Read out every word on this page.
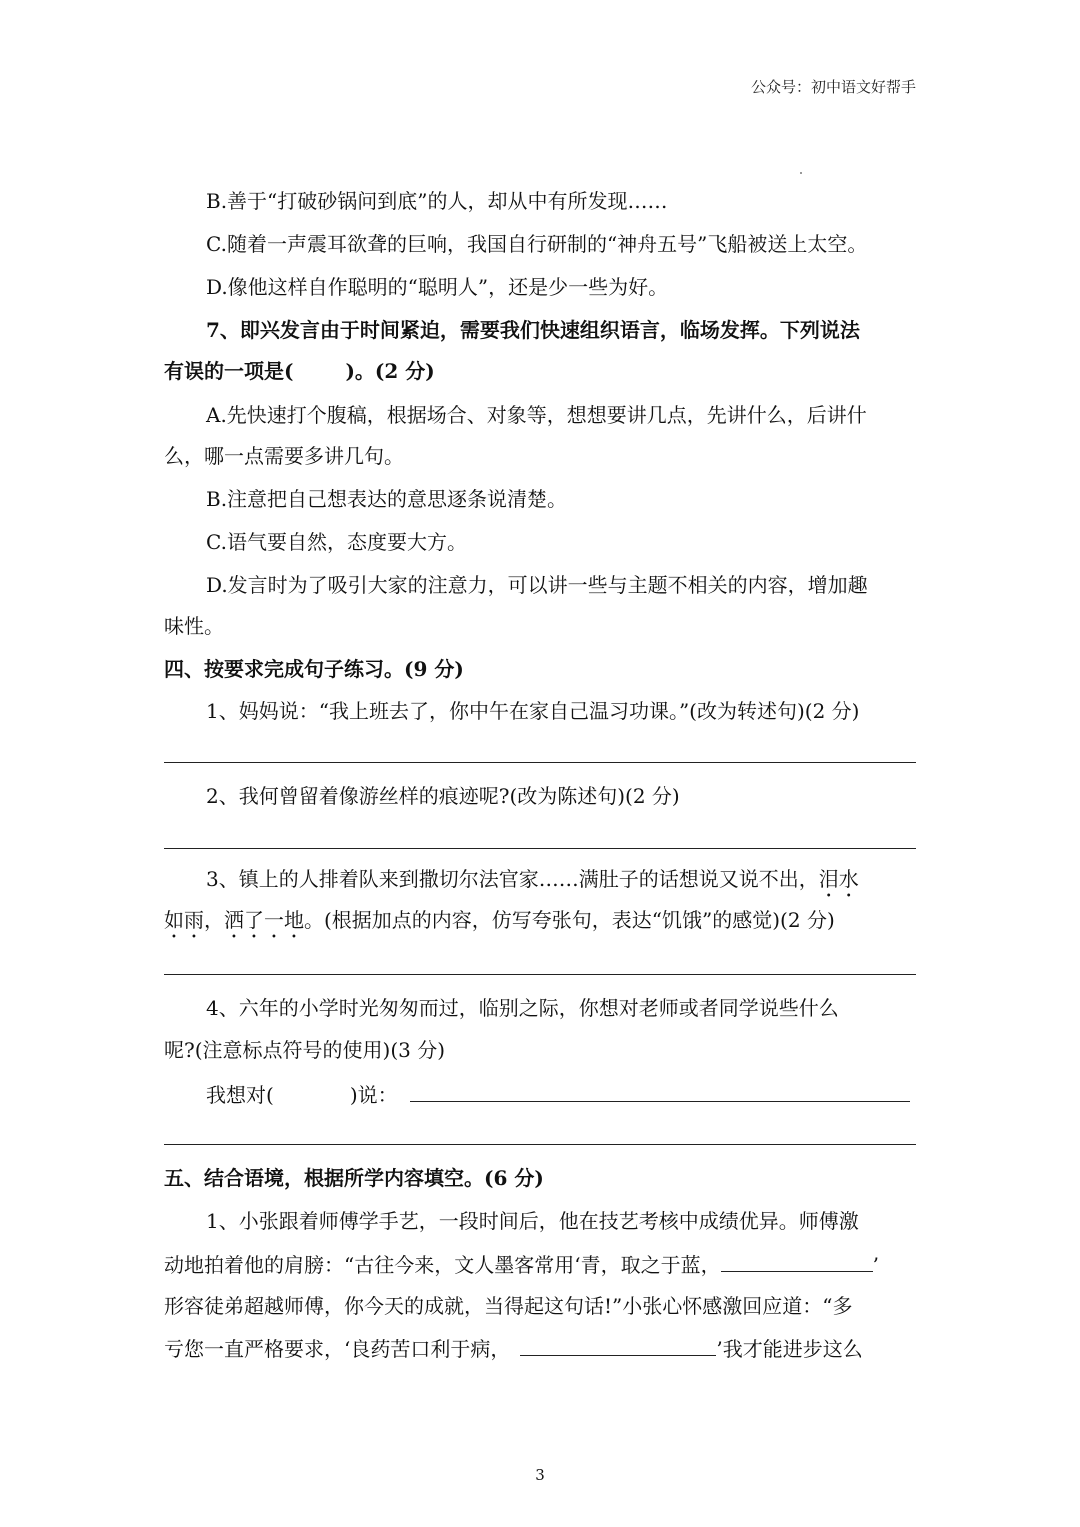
公众号：初中语文好帮手
B.善于“打破砂锅问到底”的人，却从中有所发现……
C.随着一声震耳欲聋的巨响，我国自行研制的“神舟五号”飞船被送上太空。
D.像他这样自作聪明的“聪明人”，还是少一些为好。
7、即兴发言由于时间紧迫，需要我们快速组织语言，临场发挥。下列说法
有误的一项是(	)。(2 分)
A.先快速打个腹稿，根据场合、对象等，想想要讲几点，先讲什么，后讲什
么，哪一点需要多讲几句。
B.注意把自己想表达的意思逐条说清楚。
C.语气要自然，态度要大方。
D.发言时为了吸引大家的注意力，可以讲一些与主题不相关的内容，增加趣
味性。
四、按要求完成句子练习。(9 分)
1、妈妈说：“我上班去了，你中午在家自己温习功课。”(改为转述句)(2 分)
2、我何曾留着像游丝样的痕迹呢?(改为陈述句)(2 分)
3、镇上的人排着队来到撒切尔法官家……满肚子的话想说又说不出，泪水
如雨，洒了一地。(根据加点的内容，仿写夸张句，表达“饥饿”的感觉)(2 分)
4、六年的小学时光匆匆而过，临别之际，你想对老师或者同学说些什么
呢?(注意标点符号的使用)(3 分)
我想对(	)说：
五、结合语境，根据所学内容填空。(6 分)
1、小张跟着师傅学手艺，一段时间后，他在技艺考核中成绩优异。师傅激
动地拍着他的肩膀：“古往今来，文人墨客常用‘青，取之于蓝，	’
形容徒弟超越师傅，你今天的成就，当得起这句话!”小张心怀感激回应道：“多
亏您一直严格要求，‘良药苦口利于病，	’我才能进步这么
3
